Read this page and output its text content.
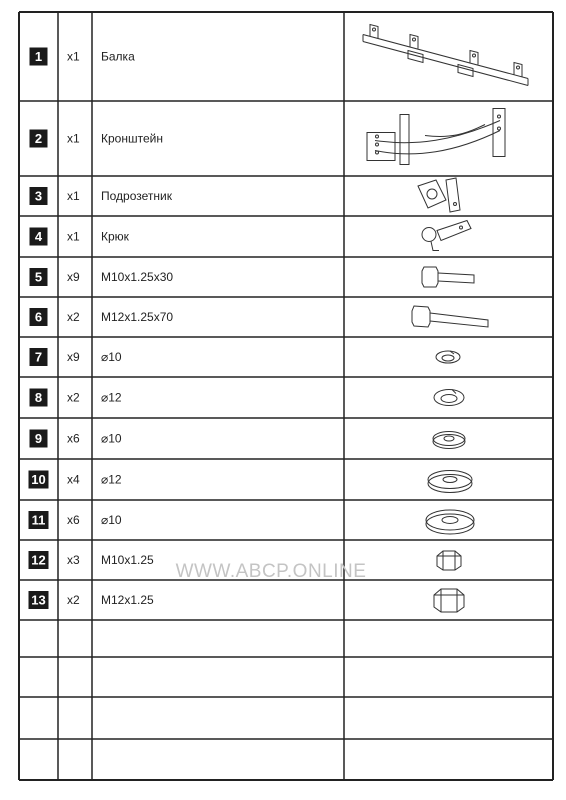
1 x1 Балка
2 x1 Кронштейн
3 x1 Подрозетник
4 x1 Крюк
5 x9 M10x1.25x30
6 x2 M12x1.25x70
7 x9 ⌀10
8 x2 ⌀12
9 x6 ⌀10
10 x4 ⌀12
11 x6 ⌀10
12 x3 M10x1.25
13 x2 M12x1.25
WWW.ABCP.ONLINE
